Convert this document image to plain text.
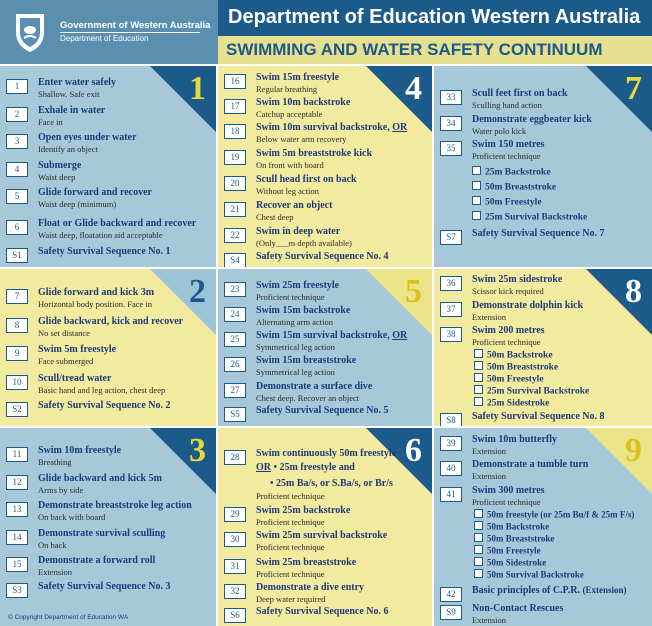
Government of Western Australia
Department of Education
Department of Education Western Australia
SWIMMING AND WATER SAFETY CONTINUUM
1
1	Enter water safely
Shallow. Safe exit
2	Exhale in water
Face in
3	Open eyes under water
Identify an object
4	Submerge
Waist deep
5	Glide forward and recover
Waist deep (minimum)
6	Float or Glide backward and recover
Waist deep, floatation aid acceptable
S1	Safety Survival Sequence No. 1
4
16	Swim 15m freestyle
Regular breathing
17	Swim 10m backstroke
Catchup acceptable
18	Swim 10m survival backstroke, OR
Below water arm recovery
19	Swim 5m breaststroke kick
On front with board
20	Scull head first on back
Without leg action
21	Recover an object
Chest deep
22	Swim in deep water
(Only___m depth available)
S4	Safety Survival Sequence No. 4
7
33	Scull feet first on back
Sculling hand action
34	Demonstrate eggbeater kick
Water polo kick
35	Swim 150 metres
Proficient technique
25m Backstroke
50m Breaststroke
50m Freestyle
25m Survival Backstroke
S7	Safety Survival Sequence No. 7
2
7	Glide forward and kick 3m
Horizontal body position. Face in
8	Glide backward, kick and recover
No set distance
9	Swim 5m freestyle
Face submerged
10	Scull/tread water
Basic hand and leg action, chest deep
S2	Safety Survival Sequence No. 2
5
23	Swim 25m freestyle
Proficient technique
24	Swim 15m backstroke
Alternating arm action
25	Swim 15m survival backstroke, OR
Symmetrical leg action
26	Swim 15m breaststroke
Symmetrical leg action
27	Demonstrate a surface dive
Chest deep. Recover an object
S5	Safety Survival Sequence No. 5
8
36	Swim 25m sidestroke
Scissor kick required
37	Demonstrate dolphin kick
Extension
38	Swim 200 metres
Proficient technique
50m Backstroke
50m Breaststroke
50m Freestyle
25m Survival Backstroke
25m Sidestroke
S8	Safety Survival Sequence No. 8
3
11	Swim 10m freestyle
Breathing
12	Glide backward and kick 5m
Arms by side
13	Demonstrate breaststroke leg action
On back with board
14	Demonstrate survival sculling
On back
15	Demonstrate a forward roll
Extension
S3	Safety Survival Sequence No. 3
6
28	Swim continuously 50m freestyle
OR • 25m freestyle and
• 25m Ba/s, or S.Ba/s, or Br/s
Proficient technique
29	Swim 25m backstroke
Proficient technique
30	Swim 25m survival backstroke
Proficient technique
31	Swim 25m breaststroke
Proficient technique
32	Demonstrate a dive entry
Deep water required
S6	Safety Survival Sequence No. 6
9
39	Swim 10m butterfly
Extension
40	Demonstrate a tumble turn
Extension
41	Swim 300 metres
Proficient technique
50m freestyle (or 25m Bu/f & 25m F/s)
50m Backstroke
50m Breaststroke
50m Freestyle
50m Sidestroke
50m Survival Backstroke
42	Basic principles of C.P.R. (Extension)
S9	Non-Contact Rescues
Extension
© Copyright Department of Education WA
